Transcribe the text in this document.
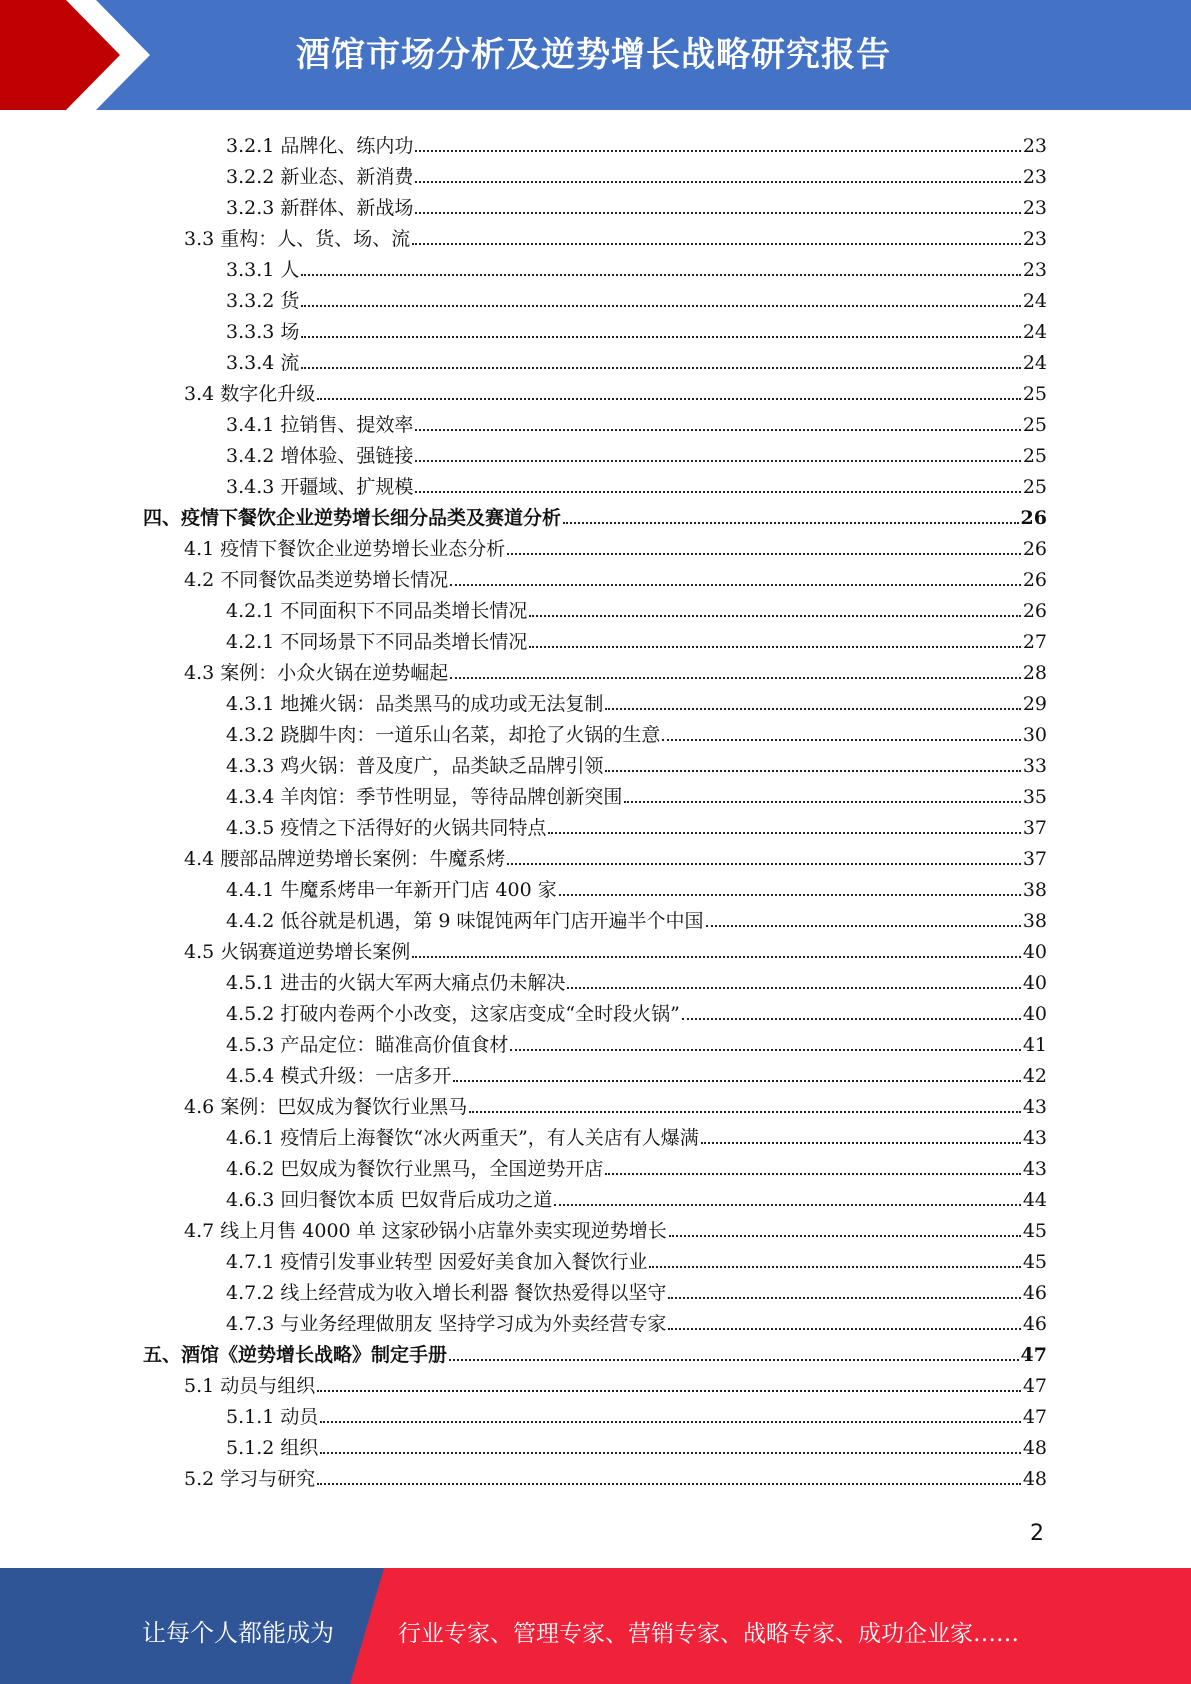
酒馆市场分析及逆势增长战略研究报告
3.2.1 品牌化、练内功	23
3.2.2 新业态、新消费	23
3.2.3 新群体、新战场	23
3.3 重构：人、货、场、流	23
3.3.1 人	23
3.3.2 货	24
3.3.3 场	24
3.3.4 流	24
3.4 数字化升级	25
3.4.1 拉销售、提效率	25
3.4.2 增体验、强链接	25
3.4.3 开疆域、扩规模	25
四、疫情下餐饮企业逆势增长细分品类及赛道分析	26
4.1 疫情下餐饮企业逆势增长业态分析	26
4.2 不同餐饮品类逆势增长情况	26
4.2.1 不同面积下不同品类增长情况	26
4.2.1 不同场景下不同品类增长情况	27
4.3 案例：小众火锅在逆势崛起	28
4.3.1 地摊火锅：品类黑马的成功或无法复制	29
4.3.2 跷脚牛肉：一道乐山名菜，却抢了火锅的生意	30
4.3.3 鸡火锅：普及度广，品类缺乏品牌引领	33
4.3.4 羊肉馆：季节性明显，等待品牌创新突围	35
4.3.5 疫情之下活得好的火锅共同特点	37
4.4 腰部品牌逆势增长案例：牛魔系烤	37
4.4.1 牛魔系烤串一年新开门店 400 家	38
4.4.2 低谷就是机遇，第 9 味馄饨两年门店开遍半个中国	38
4.5 火锅赛道逆势增长案例	40
4.5.1 进击的火锅大军两大痛点仍未解决	40
4.5.2 打破内卷两个小改变，这家店变成“全时段火锅”	40
4.5.3 产品定位：瞄准高价值食材	41
4.5.4 模式升级：一店多开	42
4.6 案例：巴奴成为餐饮行业黑马	43
4.6.1 疫情后上海餐饮“冰火两重天”，有人关店有人爆满	43
4.6.2 巴奴成为餐饮行业黑马，全国逆势开店	43
4.6.3 回归餐饮本质 巴奴背后成功之道	44
4.7 线上月售 4000 单 这家砂锅小店靠外卖实现逆势增长	45
4.7.1 疫情引发事业转型 因爱好美食加入餐饮行业	45
4.7.2 线上经营成为收入增长利器 餐饮热爱得以坚守	46
4.7.3 与业务经理做朋友 坚持学习成为外卖经营专家	46
五、酒馆《逆势增长战略》制定手册	47
5.1 动员与组织	47
5.1.1 动员	47
5.1.2 组织	48
5.2 学习与研究	48
2
让每个人都能成为	行业专家、管理专家、营销专家、战略专家、成功企业家……
